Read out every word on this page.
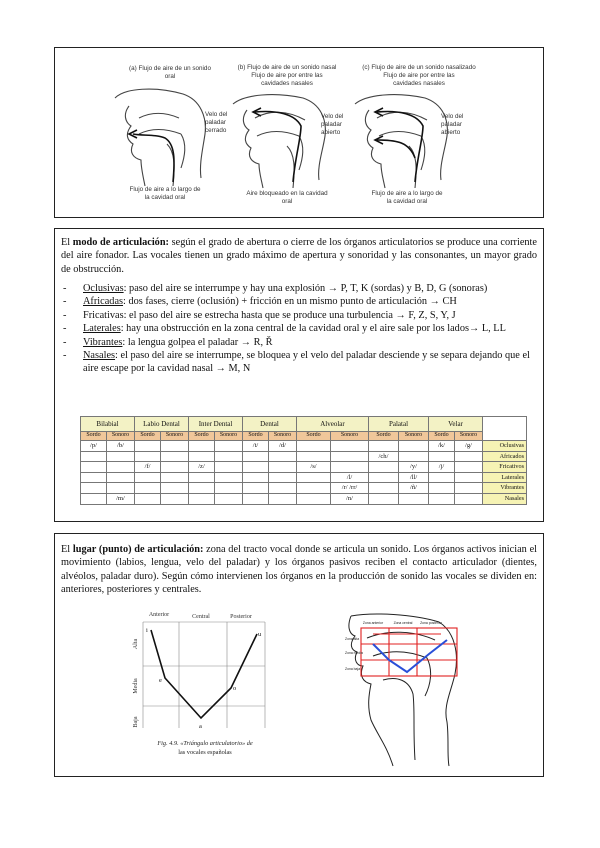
(a) Flujo de aire de un sonido
oral
Velo del
paladar
cerrado
Flujo de aire a lo largo de
la cavidad oral
(b) Flujo de aire de un sonido nasal
Flujo de aire por entre las
cavidades nasales
Velo del
paladar
abierto
Aire bloqueado en la cavidad
oral
(c) Flujo de aire de un sonido nasalizado
Flujo de aire por entre las
cavidades nasales
Velo del
paladar
abierto
Flujo de aire a lo largo de
la cavidad oral
El modo de articulación: según el grado de abertura o cierre de los órganos articulatorios se produce una corriente del aire fonador. Las vocales tienen un grado máximo de apertura y sonoridad y las consonantes, un mayor grado de obstrucción.
- Oclusivas: paso del aire se interrumpe y hay una explosión → P, T, K (sordas) y B, D, G (sonoras)
- Africadas: dos fases, cierre (oclusión) + fricción en un mismo punto de articulación → CH
- Fricativas: el paso del aire se estrecha hasta que se produce una turbulencia → F, Z, S, Y, J
- Laterales: hay una obstrucción en la zona central de la cavidad oral y el aire sale por los lados→ L, LL
- Vibrantes: la lengua golpea el paladar → R, Ř
- Nasales: el paso del aire se interrumpe, se bloquea y el velo del paladar desciende y se separa dejando que el aire escape por la cavidad nasal → M, N
Bilabial		Labio Dental		Inter Dental		Dental		Alveolar		Palatal		Velar		
Sordo	Sonoro	Sordo	Sonoro	Sordo	Sonoro	Sordo	Sonoro	Sordo	Sonoro	Sordo	Sonoro	Sordo	Sonoro	
/p/	/b/					/t/	/d/					/k/	/g/	Oclusivas
										/ch/				Africados
		/f/		/z/				/s/			/y/	/j/		Fricativos
									/l/		/ll/			Laterales
									/r/ /rr/		/ñ/			Vibrantes
	/m/								/n/					Nasales
El lugar (punto) de articulación: zona del tracto vocal donde se articula un sonido. Los órganos activos inician el movimiento (labios, lengua, velo del paladar) y los órganos pasivos reciben el contacto articulador (dientes, alvéolos, paladar duro). Según cómo intervienen los órganos en la producción de sonido las vocales se dividen en: anteriores, posteriores y centrales.
Anterior	Central	Posterior
Alta
Media
Baja
i
e
a
o
u
Fig. 4.9. «Triángulo articulatorio» de
las vocales españolas
Zona anterior	Zona central Zona posterior
Zona alta
Zona media
Zona baja
